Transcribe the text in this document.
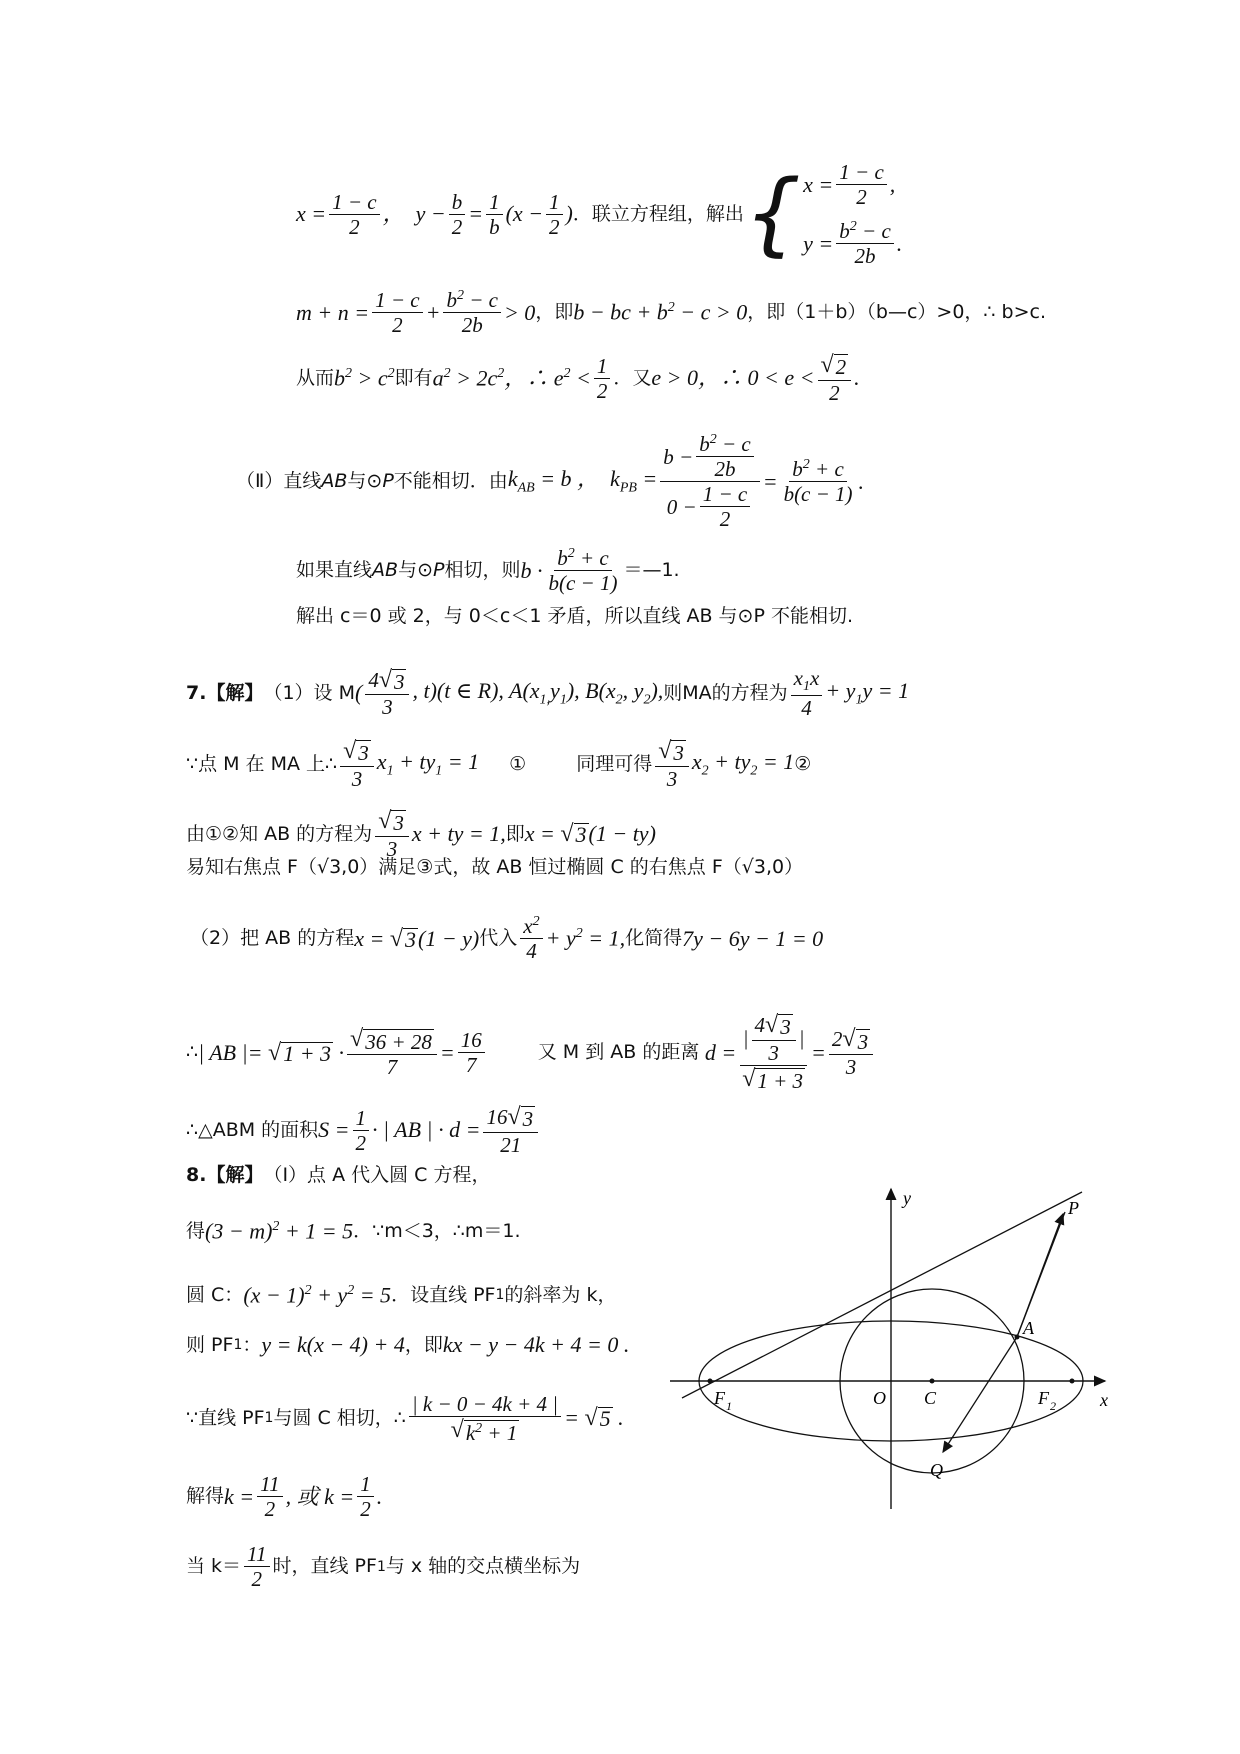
$x = \frac{1 - c}{2}$ ，  $y - \frac{b}{2} = \frac{1}{b} (x - \frac{1}{2}$ ) ．联立方程组，解出 { $x = \frac{1 - c}{2}$ ,
$y = \frac{b^2 - c}{2b}$ .
$m + n = \frac{1 - c}{2} + \frac{b^2 - c}{2b} > 0$ ，即 b − bc + $b^2 - c > 0$ ，即（1＋b）（b—c）>0，∴ b>c.
从而 $b^2 > c^2$ 即有 $a^2 > 2c^2$，∴ $e^2 < \frac{1}{2}$ ．又 e > 0，∴ $0 < e < \frac{√ 2}{2}$ .
（Ⅱ）直线 AB 与⊙ P 不能相切．由 $k_{AB} = b$ ，  $k_{PB} = \frac{b - \frac{b^2 - c}{2b}}{0 - \frac{1 - c}{2}} = \frac{b^2 + c}{b(c - 1)}$ .
如果直线 AB 与⊙ P 相切，则 $b \cdot \frac{b^2 + c}{b(c - 1)}$ ＝—1.
解出 c＝0 或 2，与 0＜c＜1 矛盾，所以直线 AB 与⊙P 不能相切.
7.【解】 （1）设 M ( $\frac{4 √ 3}{3}$ , t)(t ∈ R), $A(x_{1,}y_1)$, $B(x_2$, $y_2$), 则MA的方程为 $\frac{x_1x}{4} + y_1y = 1$
∵点 M 在 MA 上∴ $\frac{√ 3}{3} x_1 + ty_1 = 1$ ①	同理可得 $\frac{√ 3}{3} x_2 + ty_2 = 1$ ②
由①②知 AB 的方程为 $\frac{√ 3}{3}$ x + ty = 1, 即 x = √ 3 (1 − ty)
易知右焦点 F（√3,0）满足③式，故 AB 恒过椭圆 C 的右焦点 F（√3,0）
（2）把 AB 的方程 x = √ 3 (1 − y) 代入 $\frac{x^2}{4} + y^2 = 1$, 化简得 7y − 6y − 1 = 0
∴ | AB |= √ $1 + 3 \cdot \frac{√ 36 + 28}{7} = \frac{16}{7}$	又 M 到 AB 的距离 $d = \frac{| \frac{4 √ 3}{3} |}{√ 1 + 3} = \frac{2 √ 3}{3}$
∴△ABM 的面积 $S = \frac{1}{2}$ · | AB | · $d = \frac{16 √ 3}{21}$
8.【解】 （Ⅰ）点 A 代入圆 C 方程，
得 $(3 - m)^2 + 1 = 5$ ．∵m＜3，∴m＝1.
圆 C： $(x - 1)^2 + y^2 = 5$ ．设直线 PF 1 的斜率为 k，
则 PF 1 ： y = k(x − 4) + 4 ，即 kx − y − 4k + 4 = 0 .
∵直线 PF 1 与圆 C 相切，∴ $\frac{| k - 0 - 4k + 4 |}{√ k^2 + 1}$ = √ 5 .
解得 $k = \frac{11}{2}$ , 或 $k = \frac{1}{2}$ .
当 $k= \frac{11}{2}$ 时，直线 PF 1 与 x 轴的交点横坐标为
y
x
P
A
O C
Q
F 1	F 2
